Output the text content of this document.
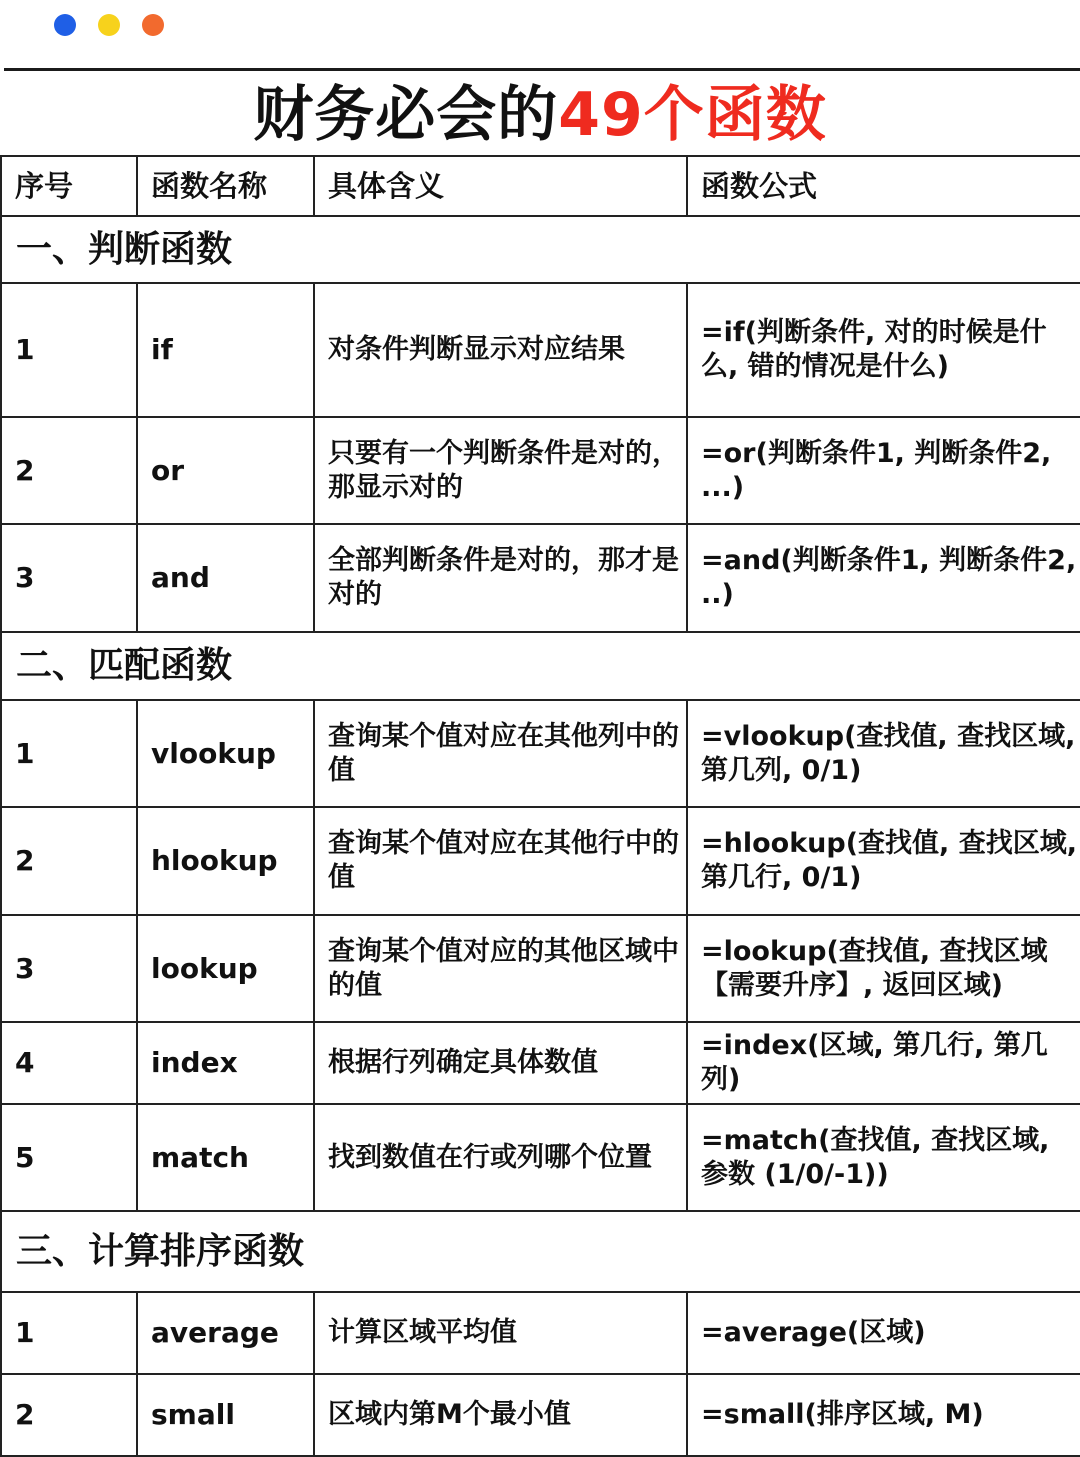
财务必会的49个函数
序号	函数名称	具体含义	函数公式
一、判断函数			
1	if	对条件判断显示对应结果	=if(判断条件, 对的时候是什么, 错的情况是什么)
2	or	只要有一个判断条件是对的，那显示对的	=or(判断条件1, 判断条件2, ...)
3	and	全部判断条件是对的，那才是对的	=and(判断条件1, 判断条件2, ..)
二、匹配函数			
1	vlookup	查询某个值对应在其他列中的值	=vlookup(查找值, 查找区域, 第几列, 0/1)
2	hlookup	查询某个值对应在其他行中的值	=hlookup(查找值, 查找区域, 第几行, 0/1)
3	lookup	查询某个值对应的其他区域中的值	=lookup(查找值, 查找区域【需要升序】, 返回区域)
4	index	根据行列确定具体数值	=index(区域, 第几行, 第几列)
5	match	找到数值在行或列哪个位置	=match(查找值, 查找区域, 参数 (1/0/-1))
三、计算排序函数			
1	average	计算区域平均值	=average(区域)
2	small	区域内第M个最小值	=small(排序区域, M)
